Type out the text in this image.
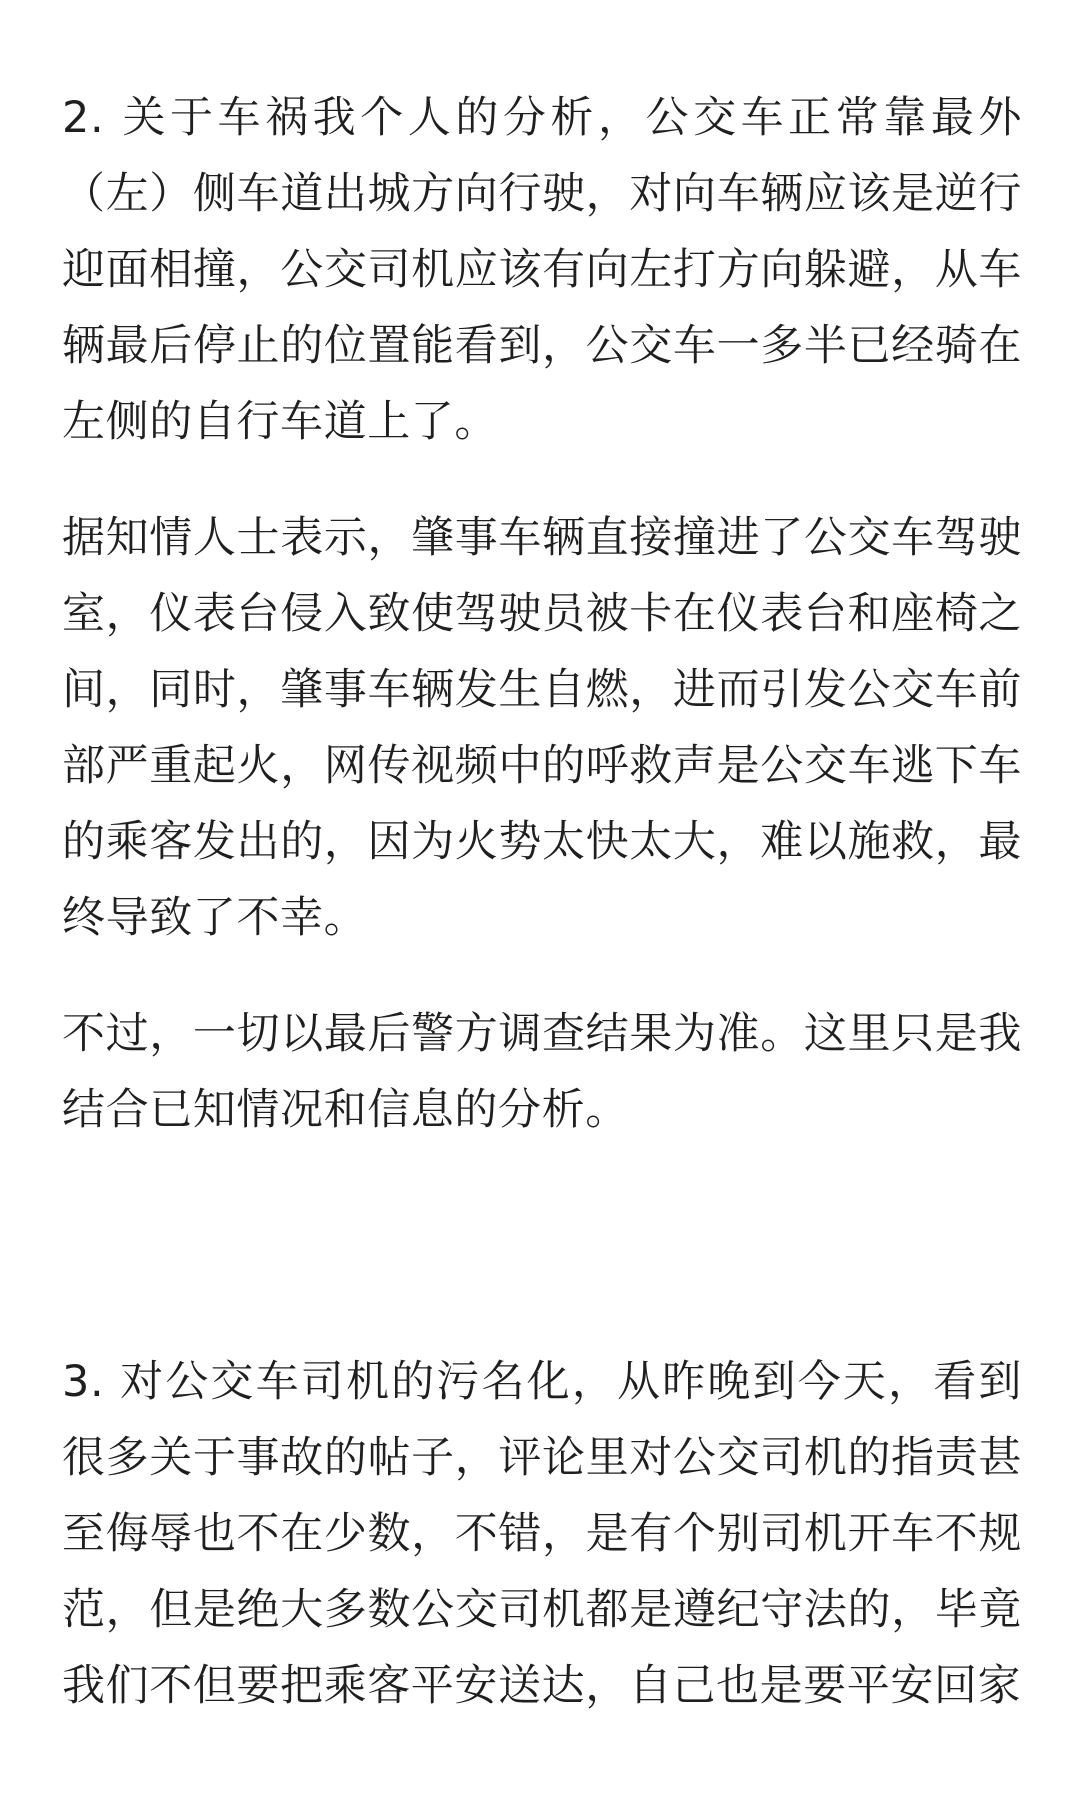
2. 关于车祸我个人的分析，公交车正常靠最外（左）侧车道出城方向行驶，对向车辆应该是逆行迎面相撞，公交司机应该有向左打方向躲避，从车辆最后停止的位置能看到，公交车一多半已经骑在左侧的自行车道上了。

据知情人士表示，肇事车辆直接撞进了公交车驾驶室，仪表台侵入致使驾驶员被卡在仪表台和座椅之间，同时，肇事车辆发生自燃，进而引发公交车前部严重起火，网传视频中的呼救声是公交车逃下车的乘客发出的，因为火势太快太大，难以施救，最终导致了不幸。

不过，一切以最后警方调查结果为准。这里只是我结合已知情况和信息的分析。

3. 对公交车司机的污名化，从昨晚到今天，看到很多关于事故的帖子，评论里对公交司机的指责甚至侮辱也不在少数，不错，是有个别司机开车不规范，但是绝大多数公交司机都是遵纪守法的，毕竟我们不但要把乘客平安送达，自己也是要平安回家
